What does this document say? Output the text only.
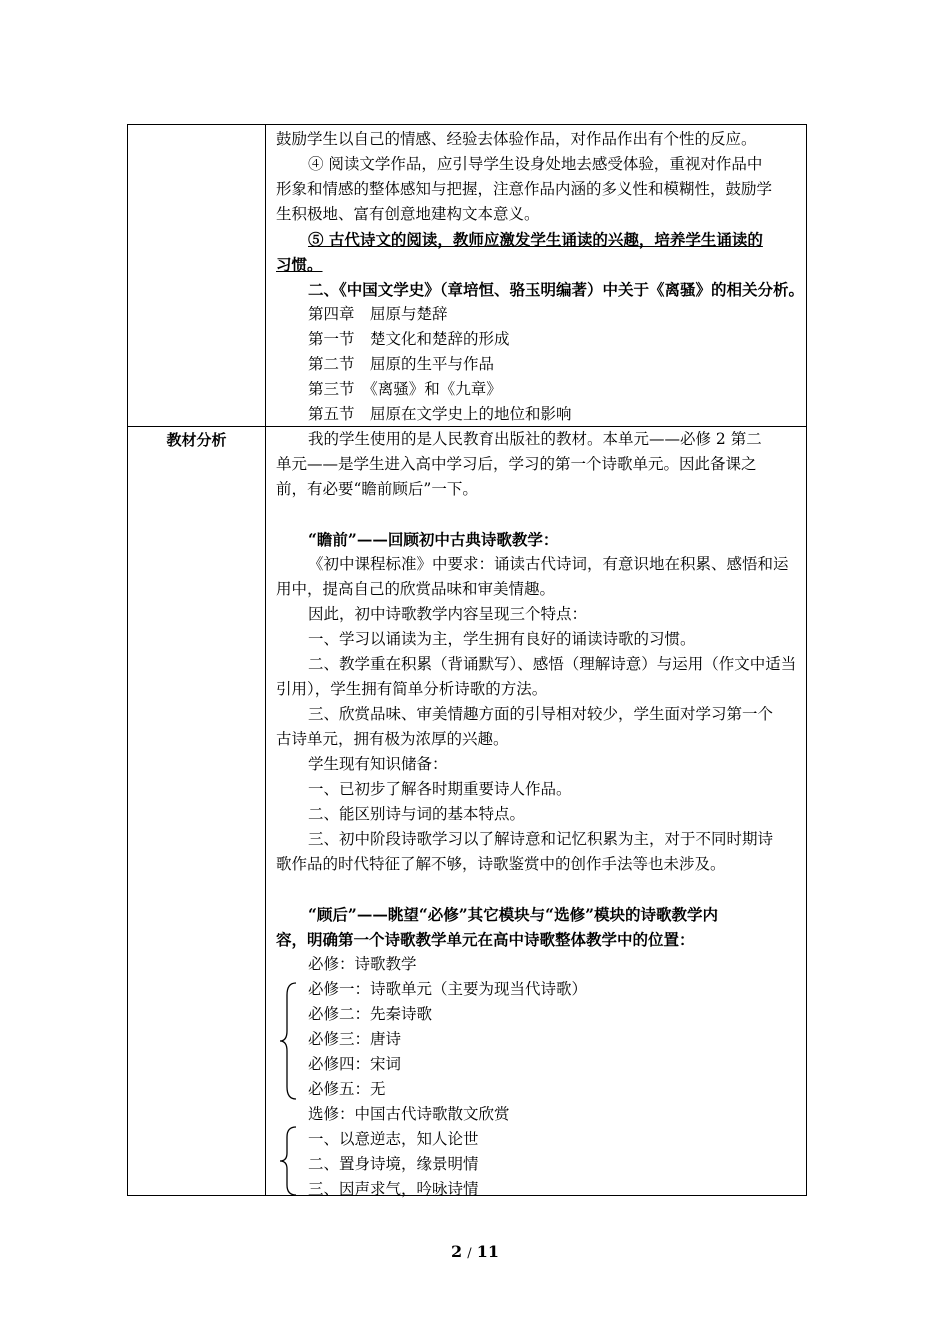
鼓励学生以自己的情感、经验去体验作品，对作品作出有个性的反应。
④ 阅读文学作品，应引导学生设身处地去感受体验，重视对作品中
形象和情感的整体感知与把握，注意作品内涵的多义性和模糊性，鼓励学
生积极地、富有创意地建构文本意义。
⑤ 古代诗文的阅读，教师应激发学生诵读的兴趣，培养学生诵读的
习惯。
二、《中国文学史》（章培恒、骆玉明编著）中关于《离骚》的相关分析。
第四章　屈原与楚辞
第一节　楚文化和楚辞的形成
第二节　屈原的生平与作品
第三节　《离骚》和《九章》
第五节　屈原在文学史上的地位和影响
教材分析	我的学生使用的是人民教育出版社的教材。本单元——必修 2 第二
单元——是学生进入高中学习后，学习的第一个诗歌单元。因此备课之
前，有必要“瞻前顾后”一下。
“瞻前”——回顾初中古典诗歌教学：
《初中课程标准》中要求：诵读古代诗词，有意识地在积累、感悟和运
用中，提高自己的欣赏品味和审美情趣。
因此，初中诗歌教学内容呈现三个特点：
一、学习以诵读为主，学生拥有良好的诵读诗歌的习惯。
二、教学重在积累（背诵默写）、感悟（理解诗意）与运用（作文中适当
引用），学生拥有简单分析诗歌的方法。
三、欣赏品味、审美情趣方面的引导相对较少，学生面对学习第一个
古诗单元，拥有极为浓厚的兴趣。
学生现有知识储备：
一、已初步了解各时期重要诗人作品。
二、能区别诗与词的基本特点。
三、初中阶段诗歌学习以了解诗意和记忆积累为主，对于不同时期诗
歌作品的时代特征了解不够，诗歌鉴赏中的创作手法等也未涉及。
“顾后”——眺望“必修”其它模块与“选修”模块的诗歌教学内
容，明确第一个诗歌教学单元在高中诗歌整体教学中的位置：
必修：诗歌教学
必修一：诗歌单元（主要为现当代诗歌）
必修二：先秦诗歌
必修三：唐诗
必修四：宋词
必修五：无
选修：中国古代诗歌散文欣赏
一、以意逆志，知人论世
二、置身诗境，缘景明情
三、因声求气，吟咏诗情
2 / 11
